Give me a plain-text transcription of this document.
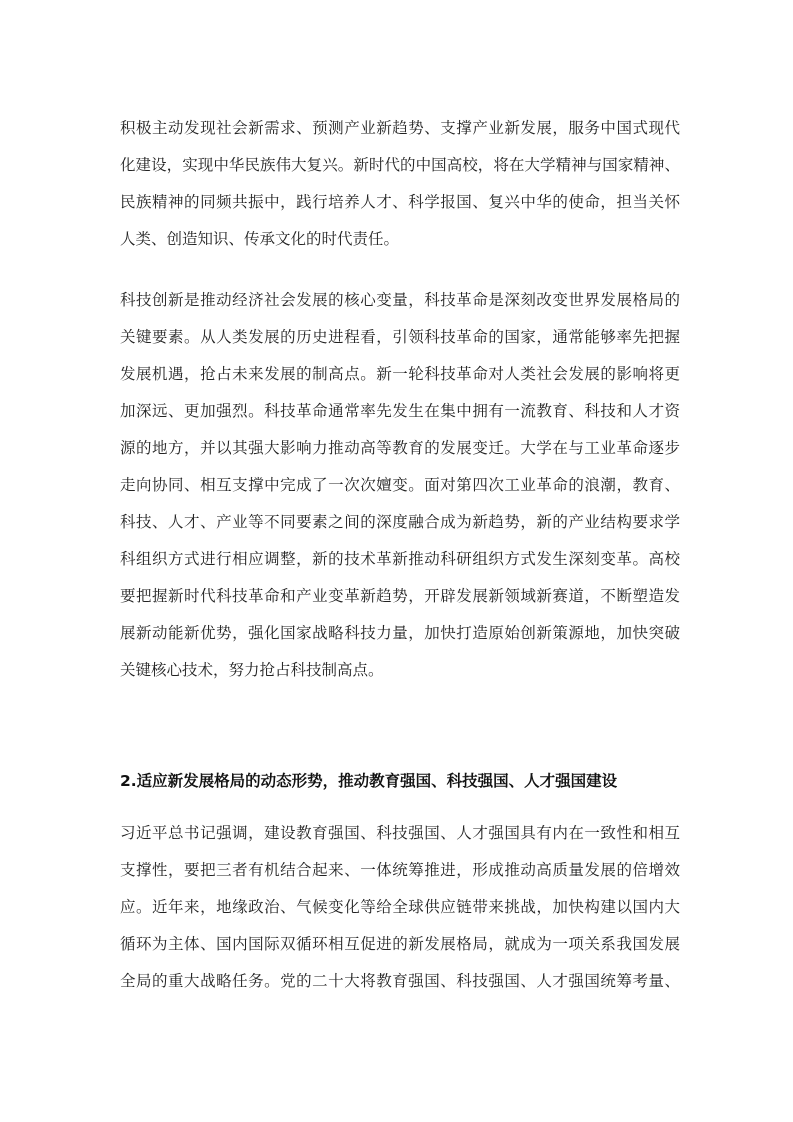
积极主动发现社会新需求、预测产业新趋势、支撑产业新发展，服务中国式现代
化建设，实现中华民族伟大复兴。新时代的中国高校，将在大学精神与国家精神、
民族精神的同频共振中，践行培养人才、科学报国、复兴中华的使命，担当关怀
人类、创造知识、传承文化的时代责任。
科技创新是推动经济社会发展的核心变量，科技革命是深刻改变世界发展格局的
关键要素。从人类发展的历史进程看，引领科技革命的国家，通常能够率先把握
发展机遇，抢占未来发展的制高点。新一轮科技革命对人类社会发展的影响将更
加深远、更加强烈。科技革命通常率先发生在集中拥有一流教育、科技和人才资
源的地方，并以其强大影响力推动高等教育的发展变迁。大学在与工业革命逐步
走向协同、相互支撑中完成了一次次嬗变。面对第四次工业革命的浪潮，教育、
科技、人才、产业等不同要素之间的深度融合成为新趋势，新的产业结构要求学
科组织方式进行相应调整，新的技术革新推动科研组织方式发生深刻变革。高校
要把握新时代科技革命和产业变革新趋势，开辟发展新领域新赛道，不断塑造发
展新动能新优势，强化国家战略科技力量，加快打造原始创新策源地，加快突破
关键核心技术，努力抢占科技制高点。
2.适应新发展格局的动态形势，推动教育强国、科技强国、人才强国建设
习近平总书记强调，建设教育强国、科技强国、人才强国具有内在一致性和相互
支撑性，要把三者有机结合起来、一体统筹推进，形成推动高质量发展的倍增效
应。近年来，地缘政治、气候变化等给全球供应链带来挑战，加快构建以国内大
循环为主体、国内国际双循环相互促进的新发展格局，就成为一项关系我国发展
全局的重大战略任务。党的二十大将教育强国、科技强国、人才强国统筹考量、
